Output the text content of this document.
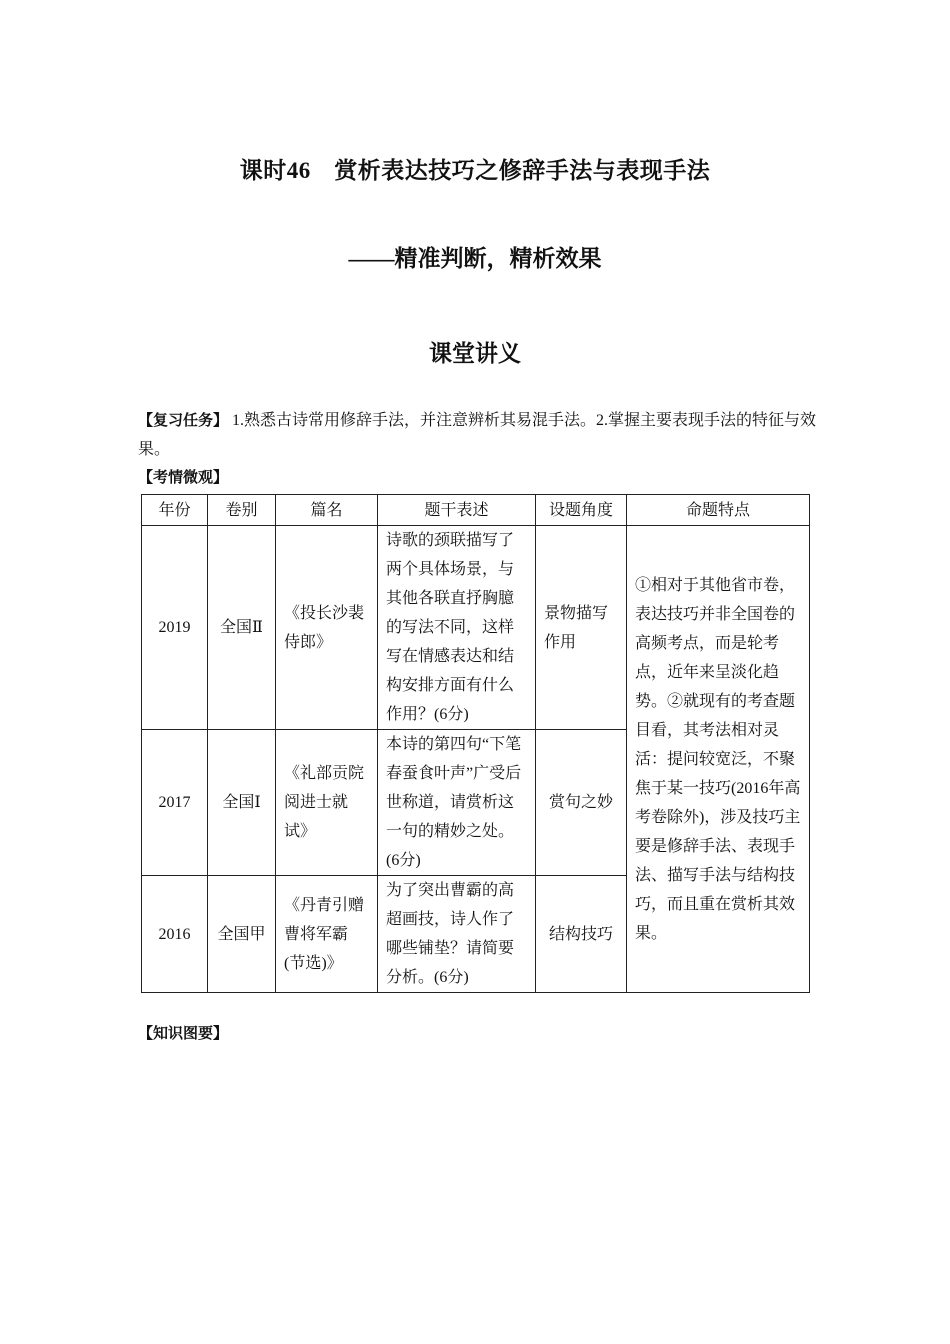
课时46　赏析表达技巧之修辞手法与表现手法
——精准判断，精析效果
课堂讲义
【复习任务】 1.熟悉古诗常用修辞手法，并注意辨析其易混手法。2.掌握主要表现手法的特征与效果。
【考情微观】
年份	卷别	篇名	题干表述	设题角度	命题特点
2019	全国Ⅱ	《投长沙裴侍郎》	诗歌的颈联描写了两个具体场景，与其他各联直抒胸臆的写法不同，这样写在情感表达和结构安排方面有什么作用？(6分)	景物描写作用	①相对于其他省市卷，表达技巧并非全国卷的高频考点，而是轮考点，近年来呈淡化趋势。②就现有的考查题目看，其考法相对灵活：提问较宽泛，不聚焦于某一技巧(2016年高考卷除外)，涉及技巧主要是修辞手法、表现手法、描写手法与结构技巧，而且重在赏析其效果。
2017	全国Ⅰ	《礼部贡院阅进士就试》	本诗的第四句“下笔春蚕食叶声”广受后世称道，请赏析这一句的精妙之处。(6分)	赏句之妙	
2016	全国甲	《丹青引赠曹将军霸(节选)》	为了突出曹霸的高超画技，诗人作了哪些铺垫？请简要分析。(6分)	结构技巧	
【知识图要】
